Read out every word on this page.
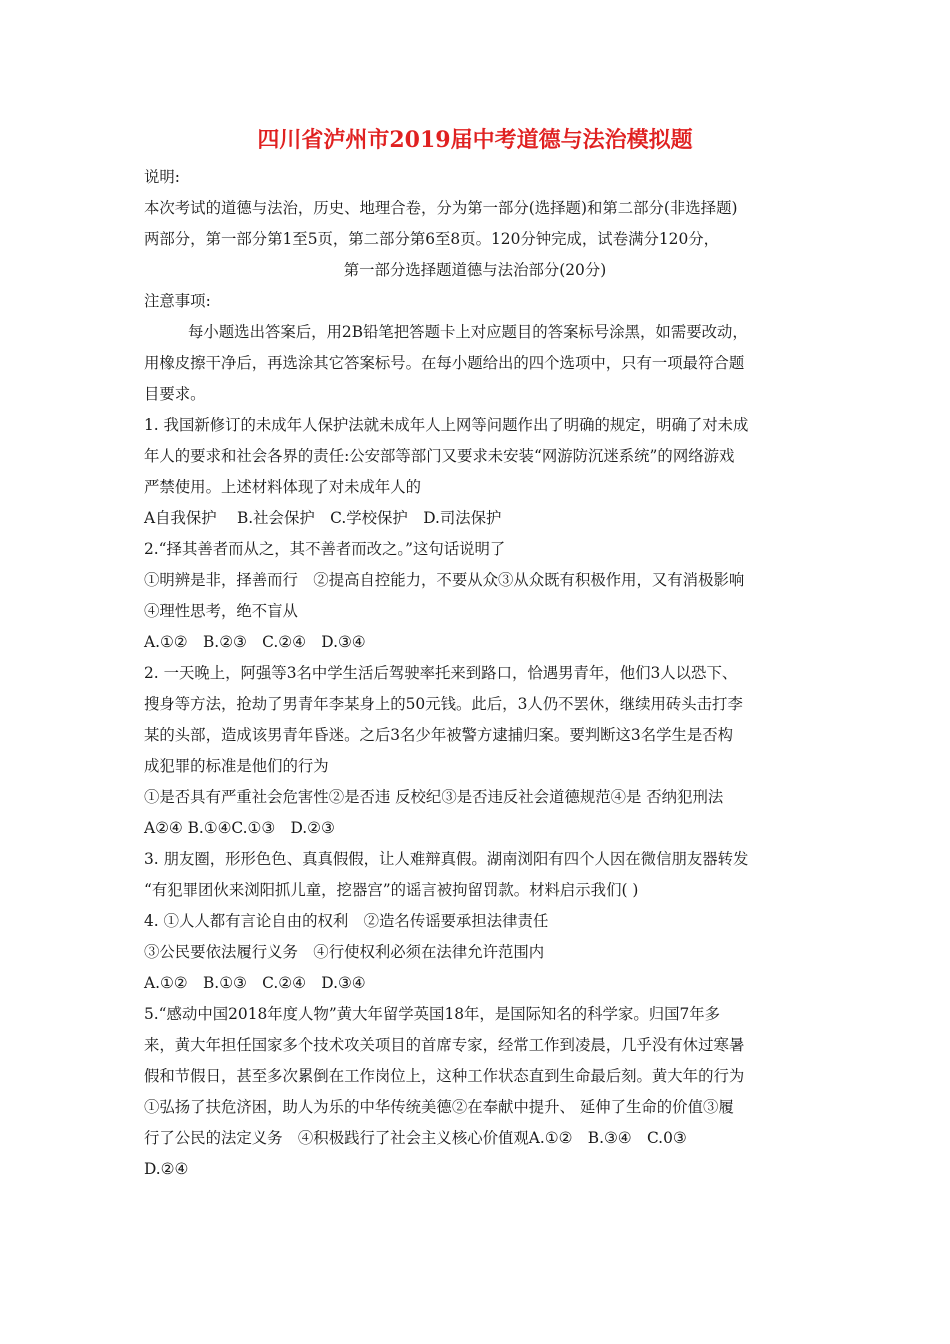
四川省泸州市2019届中考道德与法治模拟题

说明:

本次考试的道德与法治，历史、地理合卷，分为第一部分(选择题)和第二部分(非选择题)

两部分，第一部分第1至5页，第二部分第6至8页。120分钟完成，试卷满分120分，

第一部分选择题道德与法治部分(20分)

注意事项:

每小题选出答案后，用2B铅笔把答题卡上对应题目的答案标号涂黑，如需要改动，

用橡皮擦干净后，再选涂其它答案标号。在每小题给出的四个选项中，只有一项最符合题

目要求。

1. 我国新修订的未成年人保护法就未成年人上网等问题作出了明确的规定，明确了对未成

年人的要求和社会各界的责任:公安部等部门又要求未安装“网游防沉迷系统”的网络游戏

严禁使用。上述材料体现了对未成年人的

A自我保护　 B.社会保护　C.学校保护　D.司法保护

2.“择其善者而从之，其不善者而改之。”这句话说明了

①明辨是非，择善而行　②提高自控能力，不要从众③从众既有积极作用，又有消极影响

④理性思考，绝不盲从

A.①②　B.②③　C.②④　D.③④

2. 一天晚上，阿强等3名中学生活后驾驶率托来到路口，恰遇男青年，他们3人以恐下、

搜身等方法，抢劫了男青年李某身上的50元钱。此后，3人仍不罢休，继续用砖头击打李

某的头部，造成该男青年昏迷。之后3名少年被警方逮捕归案。要判断这3名学生是否构

成犯罪的标准是他们的行为

①是否具有严重社会危害性②是否违 反校纪③是否违反社会道德规范④是 否纳犯刑法

A②④ B.①④C.①③　D.②③

3. 朋友圈，形形色色、真真假假，让人难辩真假。湖南浏阳有四个人因在微信朋友器转发

“有犯罪团伙来浏阳抓儿童，挖器宫”的谣言被拘留罚款。材料启示我们( )

4. ①人人都有言论自由的权利　②造名传谣要承担法律责任

③公民要依法履行义务　④行使权利必须在法律允许范围内

A.①②　B.①③　C.②④　D.③④

5.“感动中国2018年度人物”黄大年留学英国18年，是国际知名的科学家。归国7年多

来，黄大年担任国家多个技术攻关项目的首席专家，经常工作到凌晨，几乎没有休过寒暑

假和节假日，甚至多次累倒在工作岗位上，这种工作状态直到生命最后刻。黄大年的行为

①弘扬了扶危济困，助人为乐的中华传统美德②在奉献中提升、 延伸了生命的价值③履

行了公民的法定义务　④积极践行了社会主义核心价值观A.①②　B.③④　C.0③

D.②④
